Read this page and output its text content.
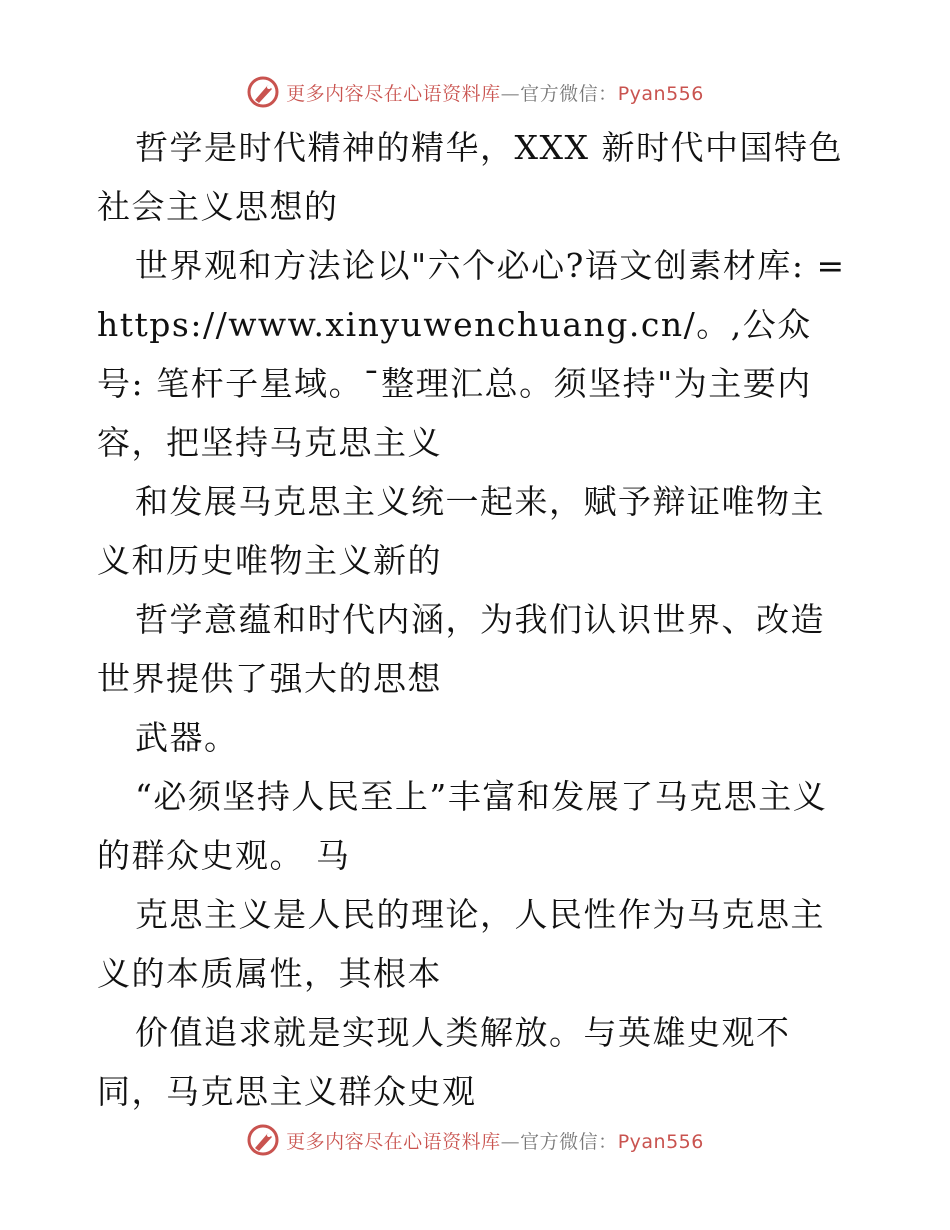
更多内容尽在心语资料库—官方微信：Pyan556

哲学是时代精神的精华，XXX 新时代中国特色社会主义思想的

世界观和方法论以"六个必心?语文创素材库: =https://www.xinyuwenchuang.cn/。,公众号: 笔杆子星域。¯整理汇总。须坚持"为主要内容，把坚持马克思主义

和发展马克思主义统一起来，赋予辩证唯物主义和历史唯物主义新的

哲学意蕴和时代内涵，为我们认识世界、改造世界提供了强大的思想

武器。

“必须坚持人民至上”丰富和发展了马克思主义的群众史观。 马

克思主义是人民的理论，人民性作为马克思主义的本质属性，其根本

价值追求就是实现人类解放。与英雄史观不同，马克思主义群众史观

更多内容尽在心语资料库—官方微信：Pyan556
